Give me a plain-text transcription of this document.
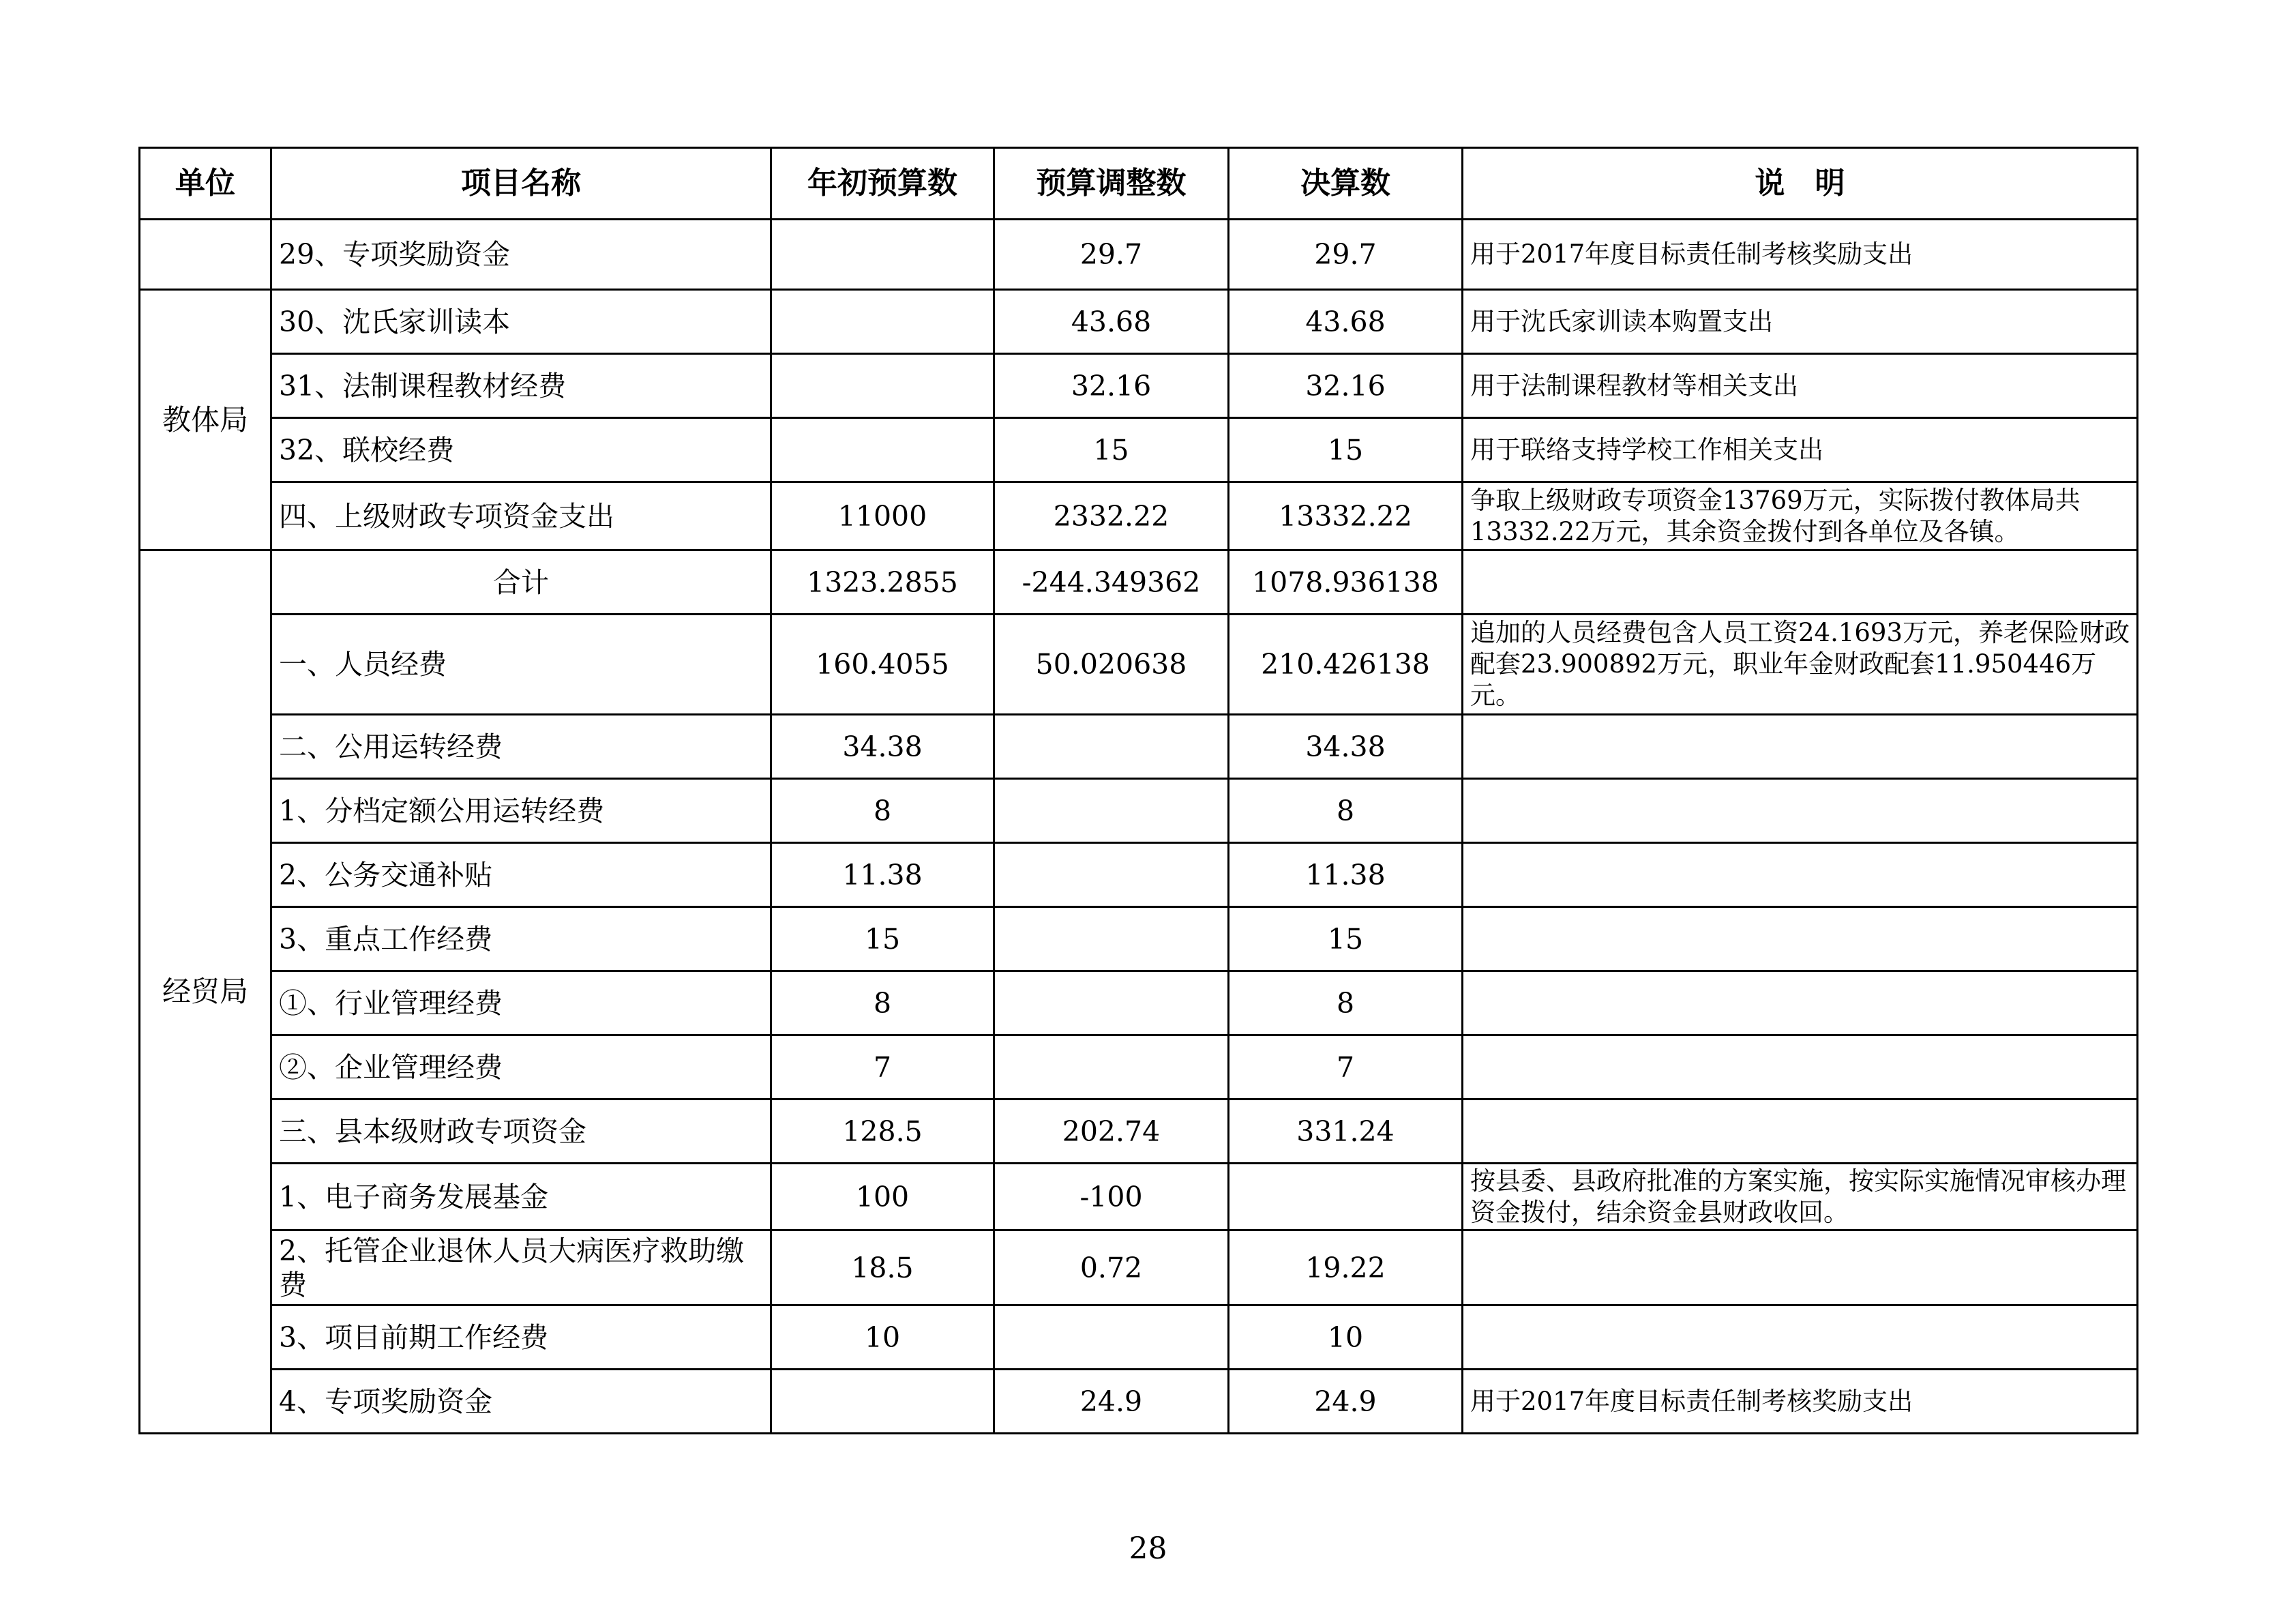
单位	项目名称	年初预算数	预算调整数	决算数	说　明
	29、专项奖励资金		29.7	29.7	用于2017年度目标责任制考核奖励支出
教体局	30、沈氏家训读本		43.68	43.68	用于沈氏家训读本购置支出
	31、法制课程教材经费		32.16	32.16	用于法制课程教材等相关支出
	32、联校经费		15	15	用于联络支持学校工作相关支出
	四、上级财政专项资金支出	11000	2332.22	13332.22	争取上级财政专项资金13769万元，实际拨付教体局共13332.22万元，其余资金拨付到各单位及各镇。
经贸局	合计	1323.2855	-244.349362	1078.936138	
	一、人员经费	160.4055	50.020638	210.426138	追加的人员经费包含人员工资24.1693万元，养老保险财政配套23.900892万元，职业年金财政配套11.950446万元。
	二、公用运转经费	34.38		34.38	
	1、分档定额公用运转经费	8		8	
	2、公务交通补贴	11.38		11.38	
	3、重点工作经费	15		15	
	①、行业管理经费	8		8	
	②、企业管理经费	7		7	
	三、县本级财政专项资金	128.5	202.74	331.24	
	1、电子商务发展基金	100	-100		按县委、县政府批准的方案实施，按实际实施情况审核办理资金拨付，结余资金县财政收回。
	2、托管企业退休人员大病医疗救助缴费	18.5	0.72	19.22	
	3、项目前期工作经费	10		10	
	4、专项奖励资金		24.9	24.9	用于2017年度目标责任制考核奖励支出
28
